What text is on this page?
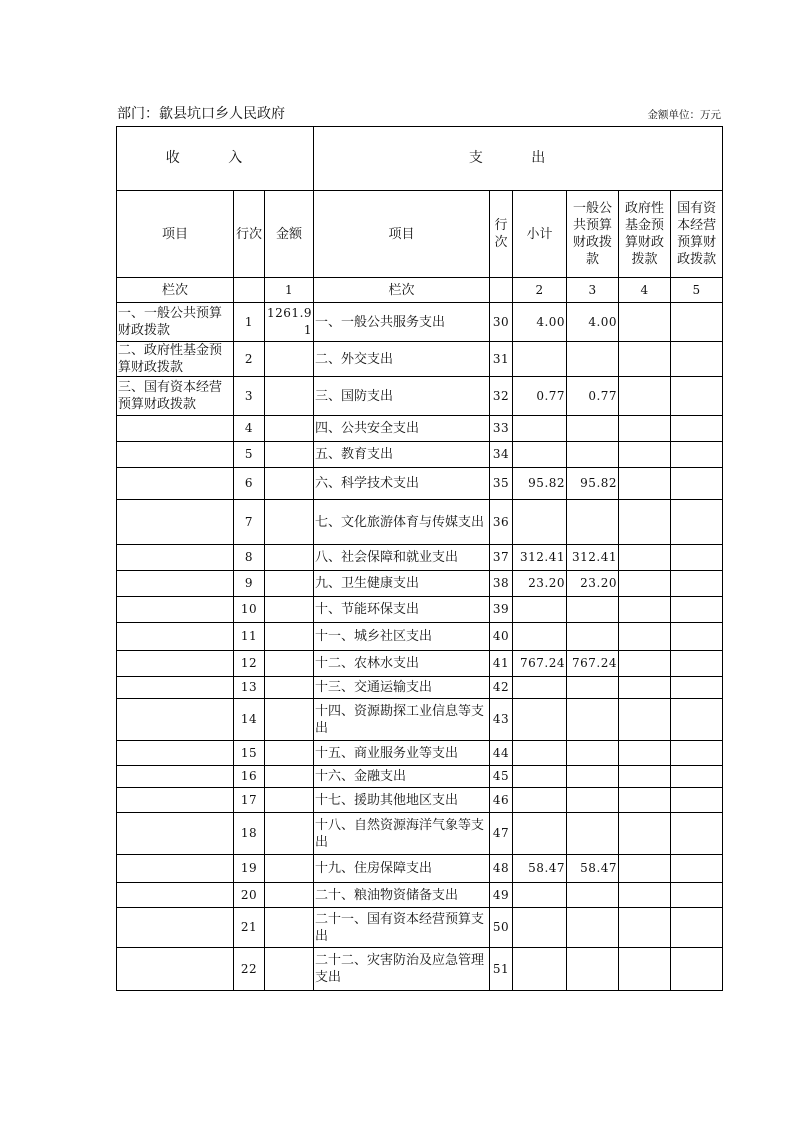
部门：歙县坑口乡人民政府	金额单位：万元
收 入			支 出					
项目	行次	金额	项目	行次	小计	一般公共预算财政拨款	政府性基金预算财政拨款	国有资本经营预算财政拨款
栏次		1	栏次		2	3	4	5
一、一般公共预算财政拨款	1	1261.91	一、一般公共服务支出	30	4.00	4.00		
二、政府性基金预算财政拨款	2		二、外交支出	31				
三、国有资本经营预算财政拨款	3		三、国防支出	32	0.77	0.77		
	4		四、公共安全支出	33				
	5		五、教育支出	34				
	6		六、科学技术支出	35	95.82	95.82		
	7		七、文化旅游体育与传媒支出	36				
	8		八、社会保障和就业支出	37	312.41	312.41		
	9		九、卫生健康支出	38	23.20	23.20		
	10		十、节能环保支出	39				
	11		十一、城乡社区支出	40				
	12		十二、农林水支出	41	767.24	767.24		
	13		十三、交通运输支出	42				
	14		十四、资源勘探工业信息等支出	43				
	15		十五、商业服务业等支出	44				
	16		十六、金融支出	45				
	17		十七、援助其他地区支出	46				
	18		十八、自然资源海洋气象等支出	47				
	19		十九、住房保障支出	48	58.47	58.47		
	20		二十、粮油物资储备支出	49				
	21		二十一、国有资本经营预算支出	50				
	22		二十二、灾害防治及应急管理支出	51				
